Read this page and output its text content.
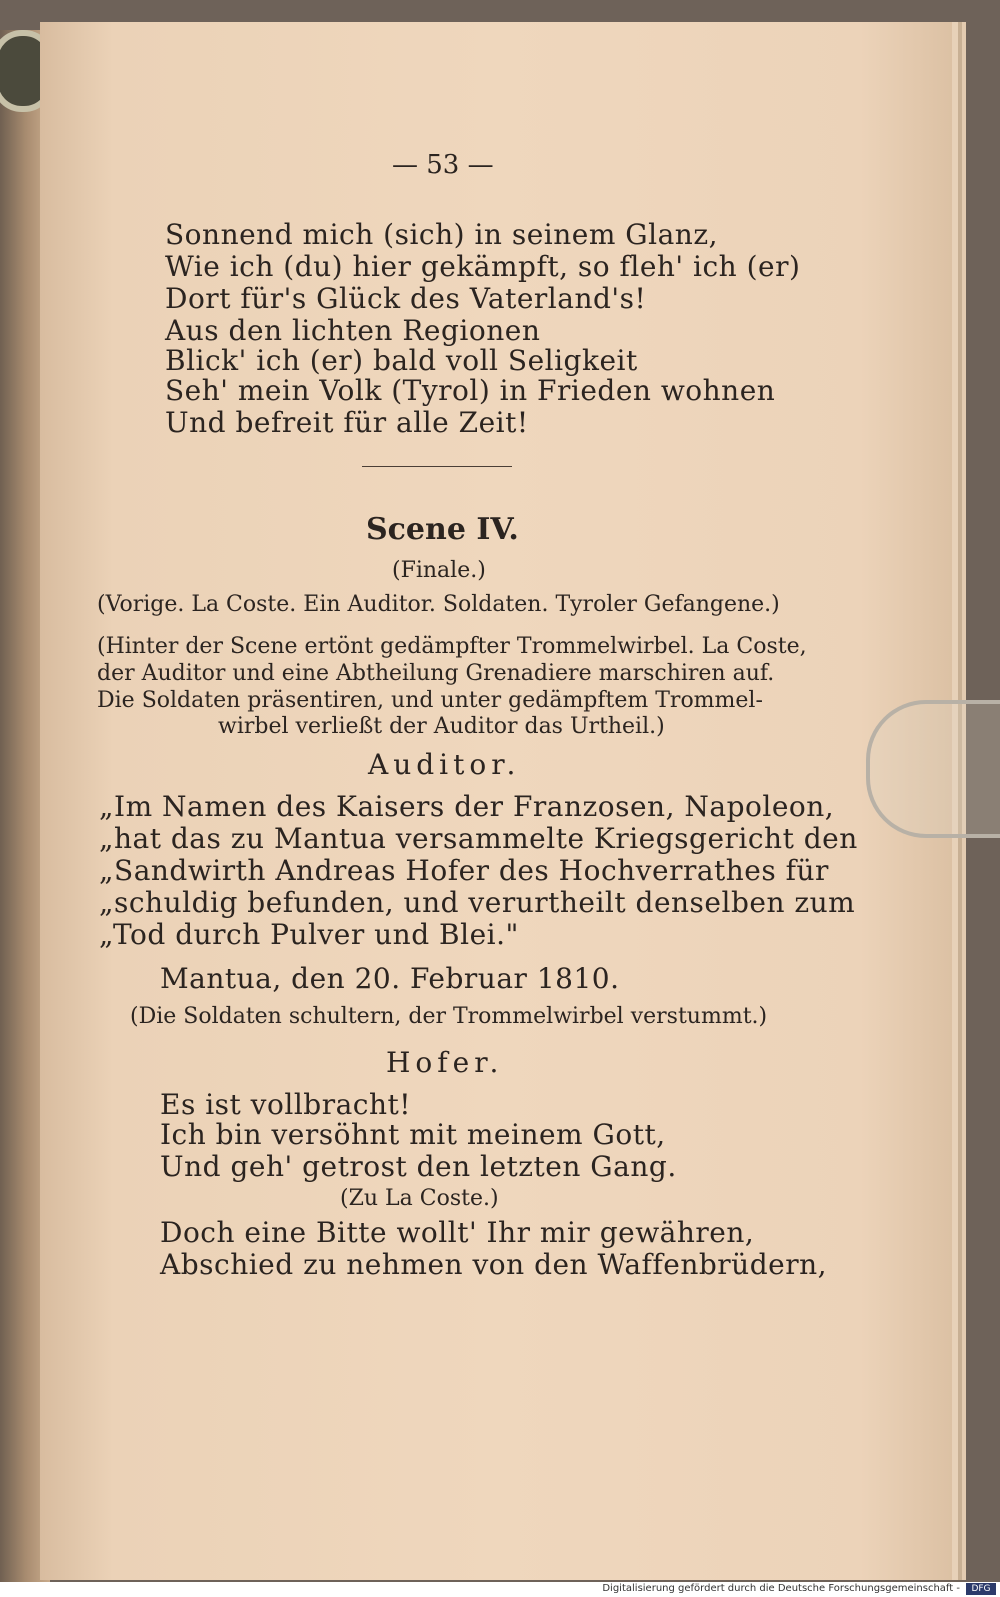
— 53 —
Sonnend mich (sich) in seinem Glanz,
Wie ich (du) hier gekämpft, so fleh' ich (er)
Dort für's Glück des Vaterland's!
Aus den lichten Regionen
Blick' ich (er) bald voll Seligkeit
Seh' mein Volk (Tyrol) in Frieden wohnen
Und befreit für alle Zeit!
Scene IV.
(Finale.)
(Vorige. La Coste. Ein Auditor. Soldaten. Tyroler Gefangene.)
(Hinter der Scene ertönt gedämpfter Trommelwirbel. La Coste,
der Auditor und eine Abtheilung Grenadiere marschiren auf.
Die Soldaten präsentiren, und unter gedämpftem Trommel-
wirbel verließt der Auditor das Urtheil.)
Auditor.
„Im Namen des Kaisers der Franzosen, Napoleon,
„hat das zu Mantua versammelte Kriegsgericht den
„Sandwirth Andreas Hofer des Hochverrathes für
„schuldig befunden, und verurtheilt denselben zum
„Tod durch Pulver und Blei."
Mantua, den 20. Februar 1810.
(Die Soldaten schultern, der Trommelwirbel verstummt.)
Hofer.
Es ist vollbracht!
Ich bin versöhnt mit meinem Gott,
Und geh' getrost den letzten Gang.
(Zu La Coste.)
Doch eine Bitte wollt' Ihr mir gewähren,
Abschied zu nehmen von den Waffenbrüdern,
Digitalisierung gefördert durch die Deutsche Forschungsgemeinschaft -	DFG
